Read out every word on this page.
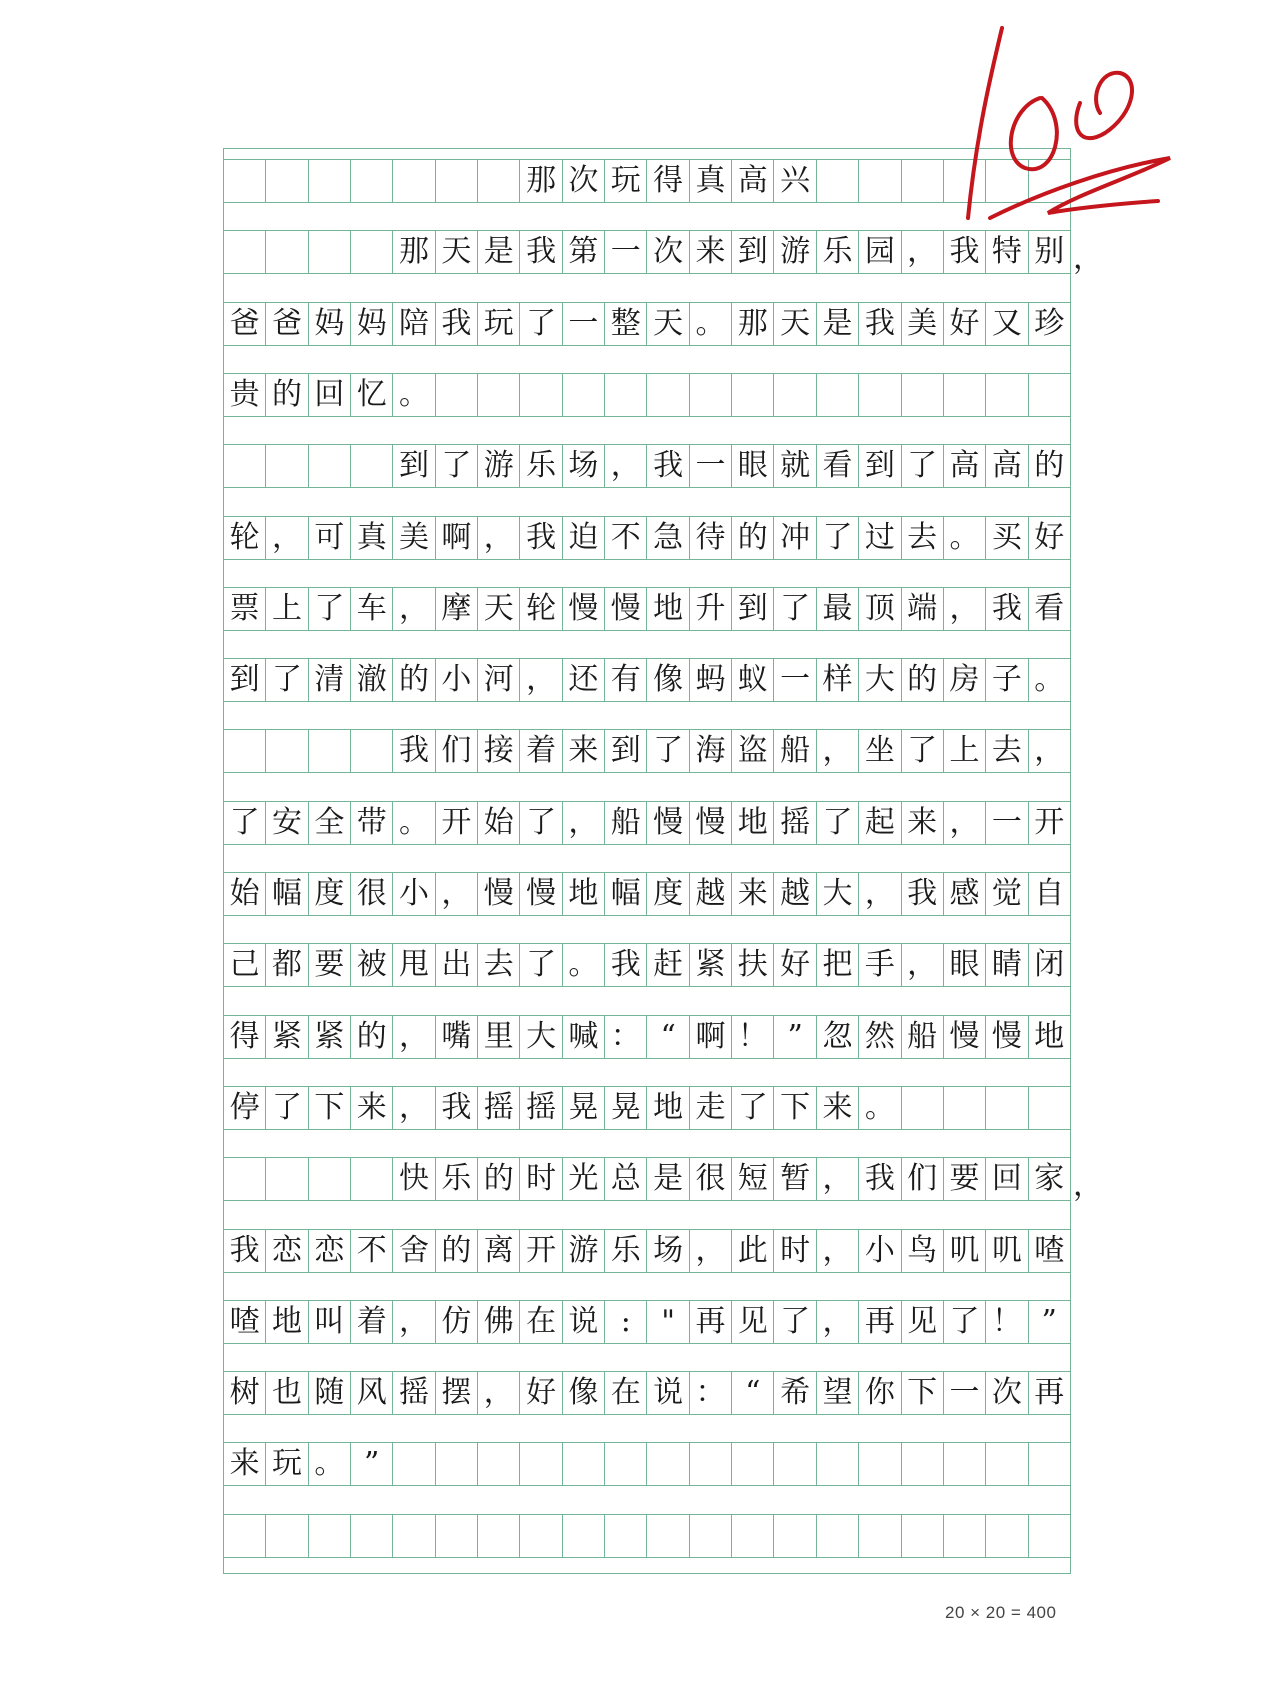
那 次 玩 得 真 高 兴
那 天 是 我 第 一 次 来 到 游 乐 园 ， 我 特 别
爸 爸 妈 妈 陪 我 玩 了 一 整 天 。 那 天 是 我 美 好 又 珍
贵 的 回 忆 。
到 了 游 乐 场 ， 我 一 眼 就 看 到 了 高 高 的
轮 ， 可 真 美 啊 ， 我 迫 不 急 待 的 冲 了 过 去 。 买 好
票 上 了 车 ， 摩 天 轮 慢 慢 地 升 到 了 最 顶 端 ， 我 看
到 了 清 澈 的 小 河 ， 还 有 像 蚂 蚁 一 样 大 的 房 子 。
我 们 接 着 来 到 了 海 盗 船 ， 坐 了 上 去 ，
了 安 全 带 。 开 始 了 ， 船 慢 慢 地 摇 了 起 来 ， 一 开
始 幅 度 很 小 ， 慢 慢 地 幅 度 越 来 越 大 ， 我 感 觉 自
己 都 要 被 甩 出 去 了 。 我 赶 紧 扶 好 把 手 ， 眼 睛 闭
得 紧 紧 的 ， 嘴 里 大 喊 ： “ 啊 ！ ” 忽 然 船 慢 慢 地
停 了 下 来 ， 我 摇 摇 晃 晃 地 走 了 下 来 。
快 乐 的 时 光 总 是 很 短 暂 ， 我 们 要 回 家
我 恋 恋 不 舍 的 离 开 游 乐 场 ， 此 时 ， 小 鸟 叽 叽 喳
喳 地 叫 着 ， 仿 佛 在 说 :	" 再 见 了 ， 再 见 了 ！ ”
树 也 随 风 摇 摆 ， 好 像 在 说 ： “ 希 望 你 下 一 次 再
来 玩 。 ”
20 × 20 = 400
，
，
